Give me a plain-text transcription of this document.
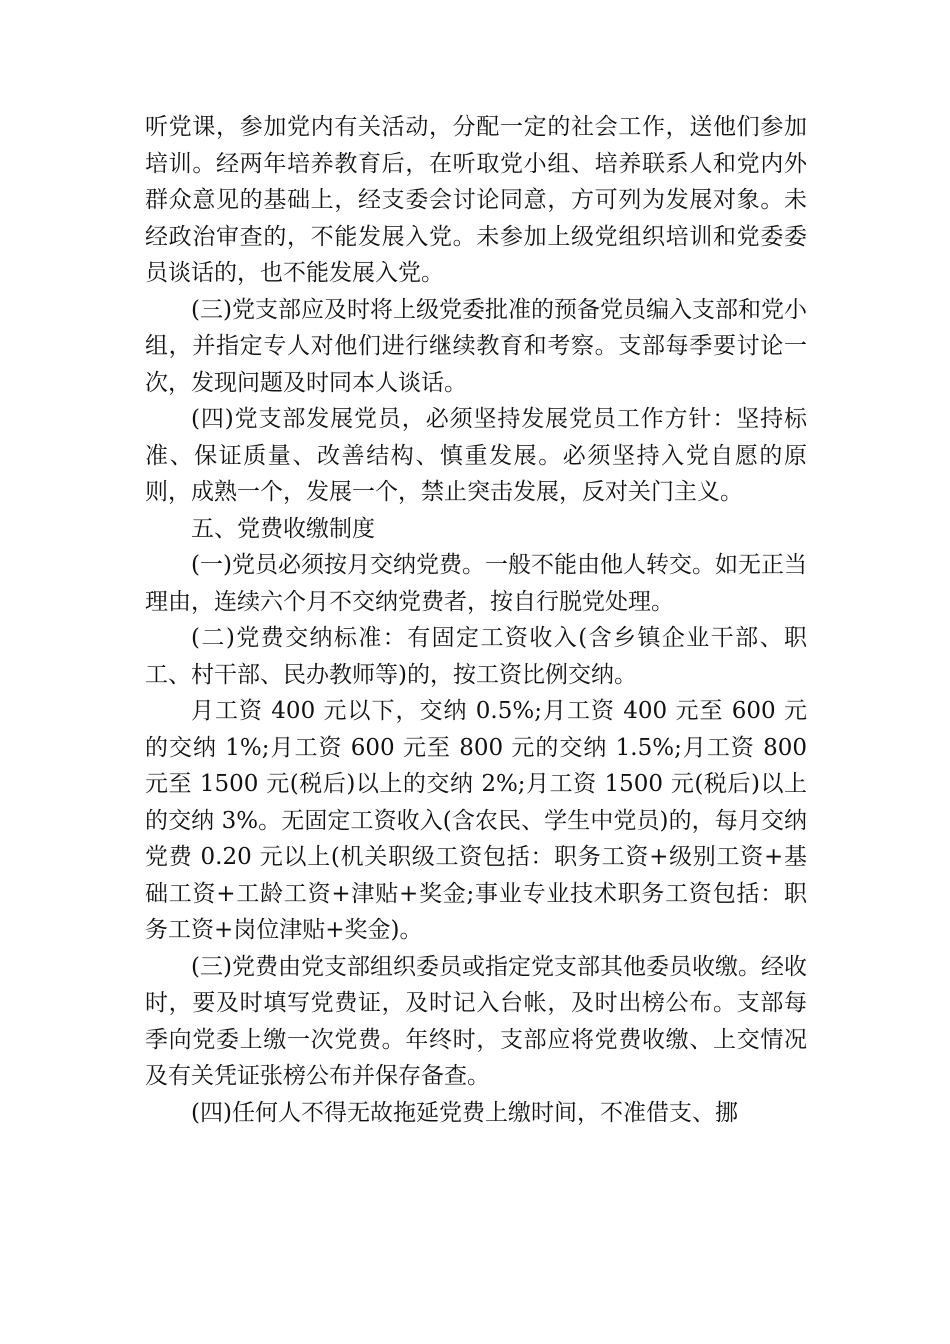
听党课，参加党内有关活动，分配一定的社会工作，送他们参加培训。经两年培养教育后，在听取党小组、培养联系人和党内外群众意见的基础上，经支委会讨论同意，方可列为发展对象。未经政治审查的，不能发展入党。未参加上级党组织培训和党委委员谈话的，也不能发展入党。

(三)党支部应及时将上级党委批准的预备党员编入支部和党小组，并指定专人对他们进行继续教育和考察。支部每季要讨论一次，发现问题及时同本人谈话。

(四)党支部发展党员，必须坚持发展党员工作方针：坚持标准、保证质量、改善结构、慎重发展。必须坚持入党自愿的原则，成熟一个，发展一个，禁止突击发展，反对关门主义。

五、党费收缴制度

(一)党员必须按月交纳党费。一般不能由他人转交。如无正当理由，连续六个月不交纳党费者，按自行脱党处理。

(二)党费交纳标准：有固定工资收入(含乡镇企业干部、职工、村干部、民办教师等)的，按工资比例交纳。

月工资 400 元以下，交纳 0.5%;月工资 400 元至 600 元的交纳 1%;月工资 600 元至 800 元的交纳 1.5%;月工资 800 元至 1500 元(税后)以上的交纳 2%;月工资 1500 元(税后)以上的交纳 3%。无固定工资收入(含农民、学生中党员)的，每月交纳党费 0.20 元以上(机关职级工资包括：职务工资+级别工资+基础工资+工龄工资+津贴+奖金;事业专业技术职务工资包括：职务工资+岗位津贴+奖金)。

(三)党费由党支部组织委员或指定党支部其他委员收缴。经收时，要及时填写党费证，及时记入台帐，及时出榜公布。支部每季向党委上缴一次党费。年终时，支部应将党费收缴、上交情况及有关凭证张榜公布并保存备查。

(四)任何人不得无故拖延党费上缴时间，不准借支、挪
